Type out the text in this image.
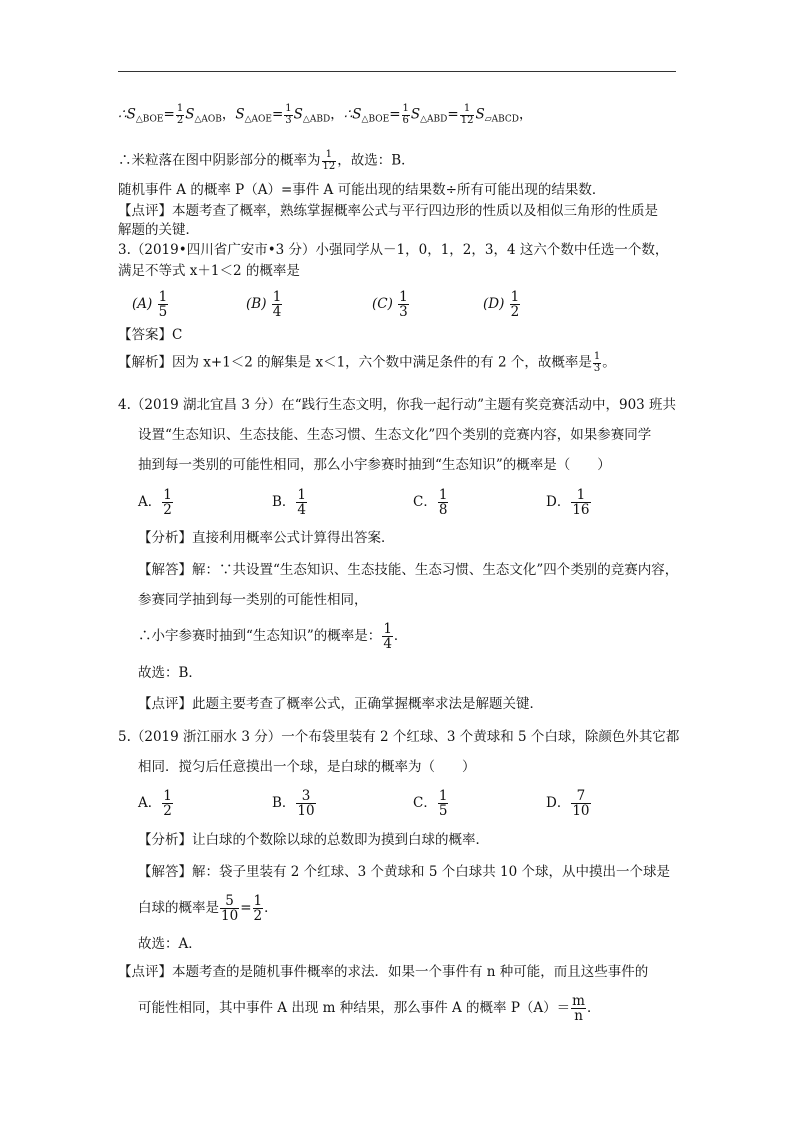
$\therefore S_{\triangle BOE}= \frac{1}{2} S_{\triangle AOB}$，$S_{\triangle AOE}= \frac{1}{3} S_{\triangle ABD}$，$\therefore S_{\triangle BOE}= \frac{1}{6} S_{\triangle ABD}= \frac{1}{12} S_{▱ABCD}$，
∴米粒落在图中阴影部分的概率为 $\frac{1}{12}$ ，故选：B．
随机事件 A 的概率 P（A）=事件 A 可能出现的结果数÷所有可能出现的结果数．
【点评】本题考查了概率，熟练掌握概率公式与平行四边形的性质以及相似三角形的性质是
解题的关键．
3.（2019•四川省广安市•3 分）小强同学从－1，0，1，2，3，4 这六个数中任选一个数，
满足不等式 x＋1＜2 的概率是
$(A) \frac{1}{5}$	$(B) \frac{1}{4}$	$(C) \frac{1}{3}$	$(D) \frac{1}{2}$
【答案】C
【解析】因为 x+1＜2 的解集是 x＜1，六个数中满足条件的有 2 个，故概率是 $\frac{1}{3}$ 。
4.（2019 湖北宜昌 3 分）在“践行生态文明，你我一起行动”主题有奖竞赛活动中，903 班共
设置“生态知识、生态技能、生态习惯、生态文化”四个类别的竞赛内容，如果参赛同学
抽到每一类别的可能性相同，那么小宇参赛时抽到“生态知识”的概率是（　　）
A． $\frac{1}{2}$	B． $\frac{1}{4}$	C． $\frac{1}{8}$	D． $\frac{1}{16}$
【分析】直接利用概率公式计算得出答案．
【解答】解：∵共设置“生态知识、生态技能、生态习惯、生态文化”四个类别的竞赛内容，
参赛同学抽到每一类别的可能性相同，
∴小宇参赛时抽到“生态知识”的概率是： $\frac{1}{4}$ ．
故选：B．
【点评】此题主要考查了概率公式，正确掌握概率求法是解题关键．
5.（2019 浙江丽水 3 分）一个布袋里装有 2 个红球、3 个黄球和 5 个白球，除颜色外其它都
相同．搅匀后任意摸出一个球，是白球的概率为（　　）
A． $\frac{1}{2}$	B． $\frac{3}{10}$	C． $\frac{1}{5}$	D． $\frac{7}{10}$
【分析】让白球的个数除以球的总数即为摸到白球的概率．
【解答】解：袋子里装有 2 个红球、3 个黄球和 5 个白球共 10 个球，从中摸出一个球是
白球的概率是 $\frac{5}{10} = \frac{1}{2}$ ．
故选：A．
【点评】本题考查的是随机事件概率的求法．如果一个事件有 n 种可能，而且这些事件的
可能性相同，其中事件 A 出现 m 种结果，那么事件 A 的概率 $P(A)= \frac{m}{n}$ ．
